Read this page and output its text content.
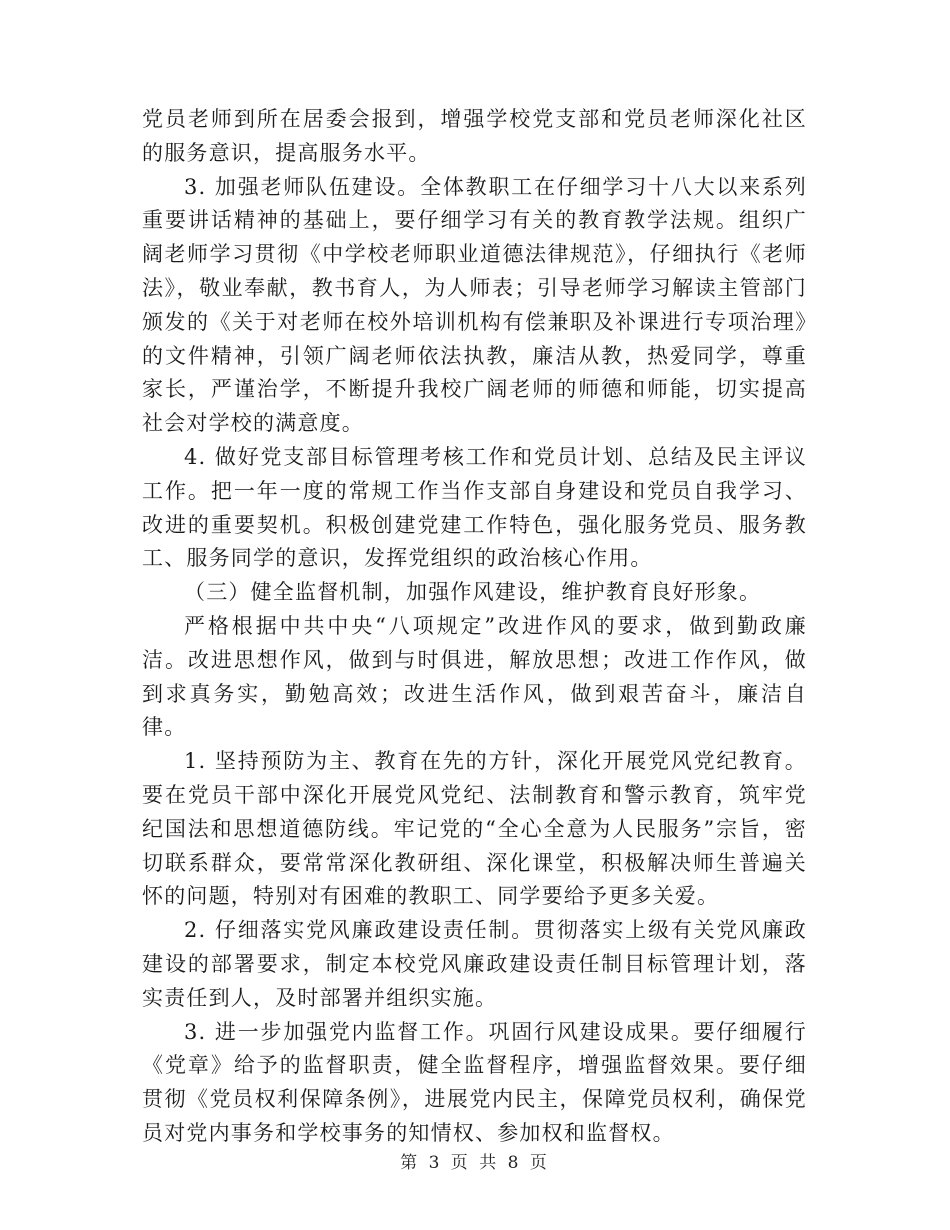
党员老师到所在居委会报到，增强学校党支部和党员老师深化社区的服务意识，提高服务水平。

3. 加强老师队伍建设。全体教职工在仔细学习十八大以来系列重要讲话精神的基础上，要仔细学习有关的教育教学法规。组织广阔老师学习贯彻《中学校老师职业道德法律规范》，仔细执行《老师法》，敬业奉献，教书育人，为人师表；引导老师学习解读主管部门颁发的《关于对老师在校外培训机构有偿兼职及补课进行专项治理》的文件精神，引领广阔老师依法执教，廉洁从教，热爱同学，尊重家长，严谨治学，不断提升我校广阔老师的师德和师能，切实提高社会对学校的满意度。

4. 做好党支部目标管理考核工作和党员计划、总结及民主评议工作。把一年一度的常规工作当作支部自身建设和党员自我学习、改进的重要契机。积极创建党建工作特色，强化服务党员、服务教工、服务同学的意识，发挥党组织的政治核心作用。

（三）健全监督机制，加强作风建设，维护教育良好形象。

严格根据中共中央“八项规定”改进作风的要求，做到勤政廉洁。改进思想作风，做到与时俱进，解放思想；改进工作作风，做到求真务实，勤勉高效；改进生活作风，做到艰苦奋斗，廉洁自律。

1. 坚持预防为主、教育在先的方针，深化开展党风党纪教育。要在党员干部中深化开展党风党纪、法制教育和警示教育，筑牢党纪国法和思想道德防线。牢记党的“全心全意为人民服务”宗旨，密切联系群众，要常常深化教研组、深化课堂，积极解决师生普遍关怀的问题，特别对有困难的教职工、同学要给予更多关爱。

2. 仔细落实党风廉政建设责任制。贯彻落实上级有关党风廉政建设的部署要求，制定本校党风廉政建设责任制目标管理计划，落实责任到人，及时部署并组织实施。

3. 进一步加强党内监督工作。巩固行风建设成果。要仔细履行《党章》给予的监督职责，健全监督程序，增强监督效果。要仔细贯彻《党员权利保障条例》，进展党内民主，保障党员权利，确保党员对党内事务和学校事务的知情权、参加权和监督权。

第 3 页 共 8 页
